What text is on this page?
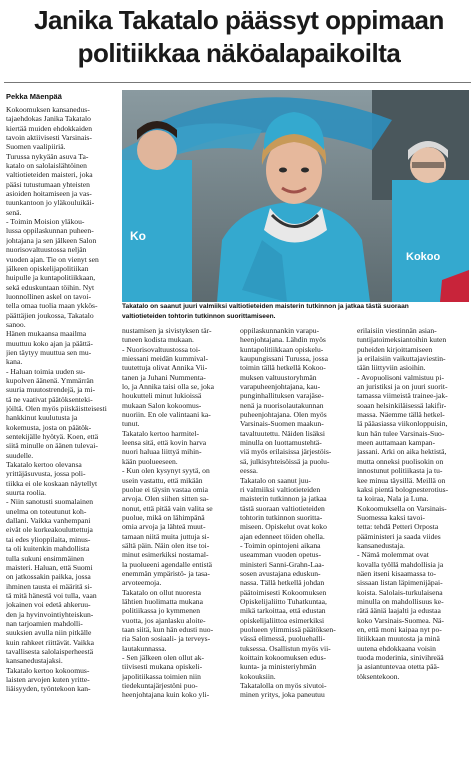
Janika Takatalo päässyt oppimaan
politiikkaa näköalapaikoilta
Pekka Mäenpää
Kokoomuksen kansanedus-
tajaehdokas Janika Takatalo
kiertää muiden ehdokkaiden
tavoin aktiivisesti Varsinais-
Suomen vaalipiiriä.
Turussa nykyään asuva Ta-
katalo on salolaislähtöinen
valtiotieteiden maisteri, joka
pääsi tutustumaan yhteisten
asioiden hoitamiseen ja vas-
tuunkantoon jo yläkouluikäi-
senä.
- Toimin Moision yläkou-
lussa oppilaskunnan puheen-
johtajana ja sen jälkeen Salon
nuorisovaltuustossa neljän
vuoden ajan. Tie on vienyt sen
jälkeen opiskelijapolitiikan
huipulle ja kuntapolitiikkaan,
sekä eduskuntaan töihin. Nyt
luonnollinen askel on tavoi-
tella omaa tuolia maan ykkös-
päättäjien joukossa, Takatalo
sanoo.
Hänen mukaansa maailma
muuttuu koko ajan ja päättä-
jien täytyy muuttua sen mu-
kana.
- Haluan toimia uuden su-
kupolven äänenä. Ymmärrän
suuria muutostrendejä, ja mi-
tä ne vaativat päätöksenteki-
jöiltä. Olen myös piiskäistteisesti
hankkinut kuulutusta ja
kokemusta, josta on päätök-
sentekijälle hyötyä. Koen, että
siitä minulle on äänen tulevai-
suudelle.
Takatalo kertoo olevansa
yrittäjäsuvusta, jossa poli-
tiikka ei ole koskaan näytellyt
suurta roolia.
- Niin sanotusti suomalainen
unelma on toteutunut koh-
dallani. Vaikka vanhempani
eivät ole korkeakouluttettuja
tai edes ylioppilaita, minus-
ta oli kuitenkin mahdollista
tulla sukuni ensimmäinen
maisteri. Haluan, että Suomi
on jatkossakin paikka, jossa
ihminen tausta ei määritä si-
tä mitä hänestä voi tulla, vaan
jokainen voi edetä ahkeruu-
den ja hyvinvointiyhteiskun-
nan tarjoamien mahdolli-
suuksien avulla niin pitkälle
kuin rahkeet riittävät. Vaikka
tavallisesta salolaisperheestä
kansanedustajaksi.
Takatalo kertoo kokoomus-
laisten arvojen kuten yritte-
liäisyyden, työntekoon kan-
Ko
Kokoo
Takatalo on saanut juuri valmiiksi valtiotieteiden maisterin tutkinnon ja jatkaa tästä suoraan
valtiotieteiden tohtorin tutkinnon suorittamiseen.
nustamisen ja sivistyksen tär-
tuneen kodista mukaan.
- Nuorisovaltuustossa toi-
miessani meidän kummival-
tuutettuja olivat Annika Vii-
tanen ja Juhani Nummenta-
lo, ja Annika taisi olla se, joka
houkutteli minut lukioissä
mukaan Salon kokoomus-
nuoriin. En ole valintaani ka-
tunut.
Takatalo kertoo harmitel-
leensa sitä, että kovin harva
nuori haluaa liittyä mihin-
kään puolueeseen.
- Kun olen kysynyt syytä, on
usein vastattu, että mikään
puolue ei täysin vastaa omia
arvoja. Olen siihen sitten sa-
nonut, että pitää vain valita se
puolue, mikä on lähimpänä
omia arvoja ja lähteä muut-
tamaan niitä muita juttuja si-
sältä päin. Näin olen itse toi-
minut esimerkiksi nostamal-
la puolueeni agendalle entistä
enemmän ympäristö- ja tasa-
arvoteemoja.
Takatalo on ollut nuoresta
lähtien huolimatta mukana
politiikassa jo kymmenen
vuotta, jos ajanlasku aloite-
taan siitä, kun hän edusti nuo-
ria Salon sosiaali- ja terveys-
lautakunnassa.
- Sen jälkeen olen ollut ak-
tiivisesti mukana opiskeli-
japolitiikassa toimien niin
tiedekuntajärjestöni puo-
heenjohtajana kuin koko yli-
oppilaskunnankin varapu-
heenjohtajana. Lähdin myös
kuntapolitiikkaan opiskelu-
kaupungissani Turussa, jossa
toimin tällä hetkellä Kokoo-
muksen valtuustoryhmän
varapuheenjohtajana, kau-
punginhallituksen varajäse-
nenä ja nuorisolautakunnan
puheenjohtajana. Olen myös
Varsinais-Suomen maakun-
tavaltuutettu. Näiden lisäksi
minulla on luottamustehtä-
viä myös erilaisissa järjestöis-
sä, julkisyhteisöissä ja puolu-
eessa.
Takatalo on saanut juu-
ri valmiiksi valtiotieteiden
maisterin tutkinnon ja jatkaa
tästä suoraan valtiotieteiden
tohtorin tutkinnon suoritta-
miseen. Opiskelut ovat koko
ajan edenneet töiden ohella.
- Toimin opintojeni aikana
useamman vuoden opetus-
ministeri Sanni-Grahn-Laa-
sosen avustajana eduskun-
nassa. Tällä hetkellä johdan
päätoimisesti Kokoomuksen
Opiskelijaliitto Tuhatkuntaa,
mikä tarkoittaa, että edustan
opiskelijaliittoa esimerkiksi
puolueen ylimmissä päätöksen-
vässä elimessä, puoluehalli-
tuksessa. Osallistun myös vii-
koittain kokoomuksen edus-
kunta- ja ministeriyhmän
kokouksiin.
Takatalolla on myös sivutoi-
minen yritys, joka paneutuu
erilaisiin viestinnän asian-
tuntijatoimeksiantoihin kuten
puheiden kirjoittamiseen
ja erilaisiin vaikuttajaviestin-
tään liittyviin asioihin.
- Avopuolisoni valmistuu pi-
an juristiksi ja on juuri suorit-
tamassa viimeistä trainee-jak-
soaan helsinkiläisessä lakifir-
massa. Näemme tällä hetkel-
lä pääasiassa viikonloppuisin,
kun hän tulee Varsinais-Suo-
meen auttamaan kampan-
jassani. Arki on aika hektistä,
mutta onneksi puolisokin on
innostunut politiikasta ja tu-
kee minua täysillä. Meillä on
kaksi pientä bolognesterotius-
ta koiraa, Nala ja Luna.
Kokoomuksella on Varsinais-
Suomessa kaksi tavoi-
tetta: tehdä Petteri Orposta
pääministeri ja saada viides
kansanedustaja.
- Nämä molemmat ovat
kovalla työllä mahdollisia ja
näen itseni kisaamassa to-
sissaan listan läpimenijäpai-
koista. Salolais-turkulaisena
minulla on mahdollisuus ke-
rätä ääniä laajalti ja edustaa
koko Varsinais-Suomea. Nä-
en, että moni kaipaa nyt po-
litiikkaan muutosta ja minä
uutena ehdokkaana voisin
tuoda moderinia, sinivihreää
ja asiantuntevaa otetta pää-
töksentekoon.
